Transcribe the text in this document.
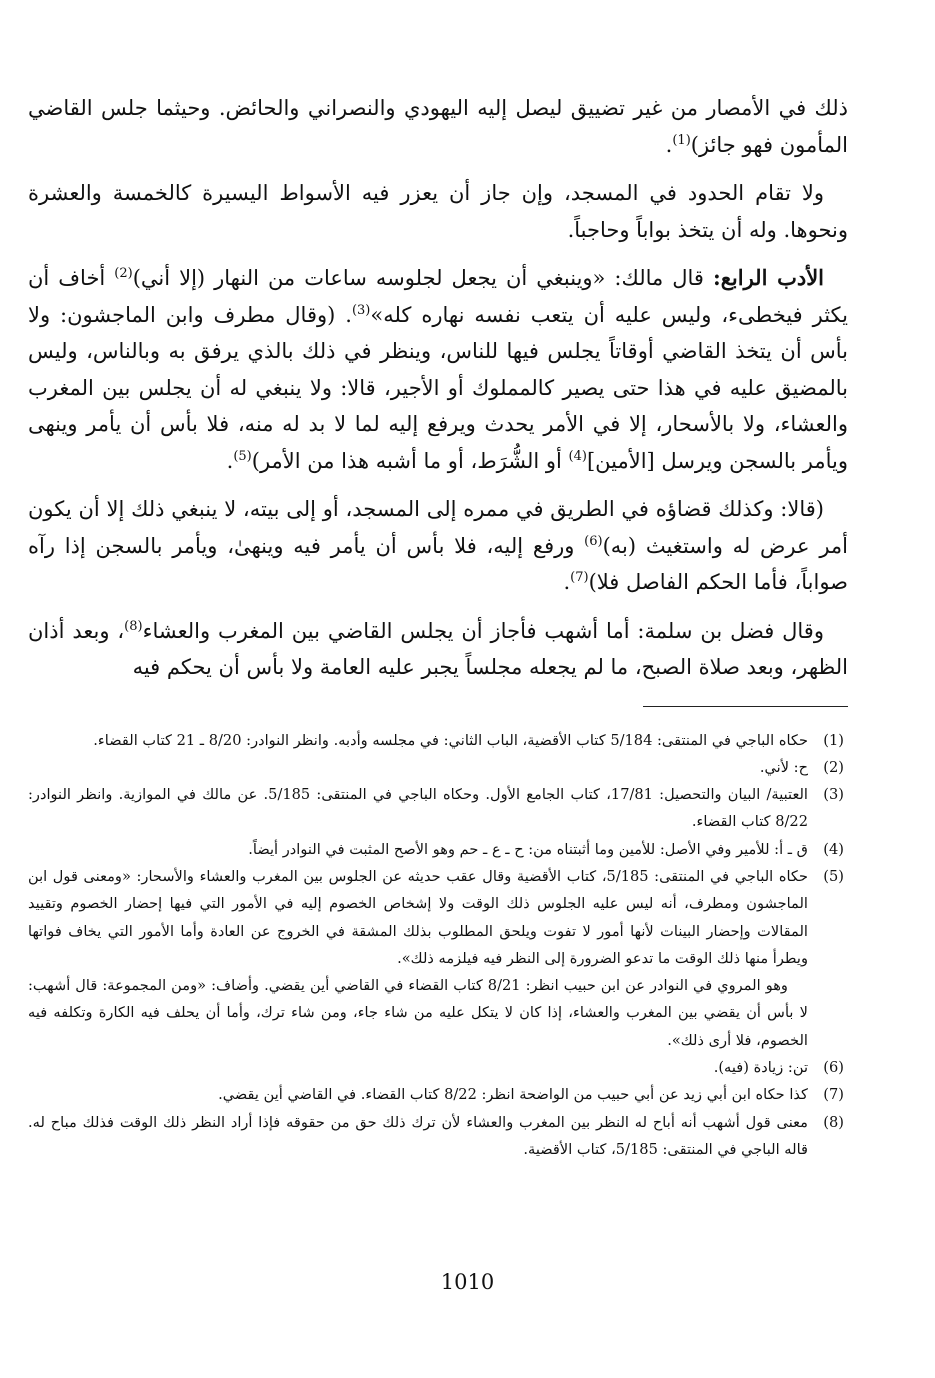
ذلك في الأمصار من غير تضييق ليصل إليه اليهودي والنصراني والحائض. وحيثما جلس القاضي المأمون فهو جائز)$^{(1)}$.

ولا تقام الحدود في المسجد، وإن جاز أن يعزر فيه الأسواط اليسيرة كالخمسة والعشرة ونحوها. وله أن يتخذ بواباً وحاجباً.

الأدب الرابع: قال مالك: «وينبغي أن يجعل لجلوسه ساعات من النهار (إلا أني)$^{(2)}$ أخاف أن يكثر فيخطىء، وليس عليه أن يتعب نفسه نهاره كله»$^{(3)}$. (وقال مطرف وابن الماجشون: ولا بأس أن يتخذ القاضي أوقاتاً يجلس فيها للناس، وينظر في ذلك بالذي يرفق به وبالناس، وليس بالمضيق عليه في هذا حتى يصير كالمملوك أو الأجير، قالا: ولا ينبغي له أن يجلس بين المغرب والعشاء، ولا بالأسحار، إلا في الأمر يحدث ويرفع إليه لما لا بد له منه، فلا بأس أن يأمر وينهى ويأمر بالسجن ويرسل [الأمين]$^{(4)}$ أو الشُّرَط، أو ما أشبه هذا من الأمر)$^{(5)}$.

(قالا: وكذلك قضاؤه في الطريق في ممره إلى المسجد، أو إلى بيته، لا ينبغي ذلك إلا أن يكون أمر عرض له واستغيث (به)$^{(6)}$ ورفع إليه، فلا بأس أن يأمر فيه وينهىٰ، ويأمر بالسجن إذا رآه صواباً، فأما الحكم الفاصل فلا)$^{(7)}$.

وقال فضل بن سلمة: أما أشهب فأجاز أن يجلس القاضي بين المغرب والعشاء$^{(8)}$، وبعد أذان الظهر، وبعد صلاة الصبح، ما لم يجعله مجلساً يجبر عليه العامة ولا بأس أن يحكم فيه

(1)
حكاه الباجي في المنتقى: 5/184 كتاب الأقضية، الباب الثاني: في مجلسه وأدبه. وانظر النوادر: 8/20 ـ 21 كتاب القضاء.
(2)
ح: لأني.
(3)
العتبية/ البيان والتحصيل: 17/81، كتاب الجامع الأول. وحكاه الباجي في المنتقى: 5/185. عن مالك في الموازية. وانظر النوادر: 8/22 كتاب القضاء.
(4)
ق ـ أ: للأمير وفي الأصل: للأمين وما أثبتناه من: ح ـ ع ـ حم وهو الأصح المثبت في النوادر أيضاً.
(5)
حكاه الباجي في المنتقى: 5/185، كتاب الأقضية وقال عقب حديثه عن الجلوس بين المغرب والعشاء والأسحار: «ومعنى قول ابن الماجشون ومطرف، أنه ليس عليه الجلوس ذلك الوقت ولا إشخاص الخصوم إليه في الأمور التي فيها إحضار الخصوم وتقييد المقالات وإحضار البينات لأنها أمور لا تفوت ويلحق المطلوب بذلك المشقة في الخروج عن العادة وأما الأمور التي يخاف فواتها ويطرأ منها ذلك الوقت ما تدعو الضرورة إلى النظر فيه فيلزمه ذلك».
وهو المروي في النوادر عن ابن حبيب انظر: 8/21 كتاب القضاء في القاضي أين يقضي. وأضاف: «ومن المجموعة: قال أشهب: لا بأس أن يقضي بين المغرب والعشاء، إذا كان لا يتكل عليه من شاء جاء، ومن شاء ترك، وأما أن يحلف فيه الكارة وتكلفه فيه الخصوم، فلا أرى ذلك».
(6)
تن: زيادة (فيه).
(7)
كذا حكاه ابن أبي زيد عن أبي حبيب من الواضحة انظر: 8/22 كتاب القضاء. في القاضي أين يقضي.
(8)
معنى قول أشهب أنه أباح له النظر بين المغرب والعشاء لأن ترك ذلك حق من حقوقه فإذا أراد النظر ذلك الوقت فذلك مباح له. قاله الباجي في المنتقى: 5/185، كتاب الأقضية.
1010
